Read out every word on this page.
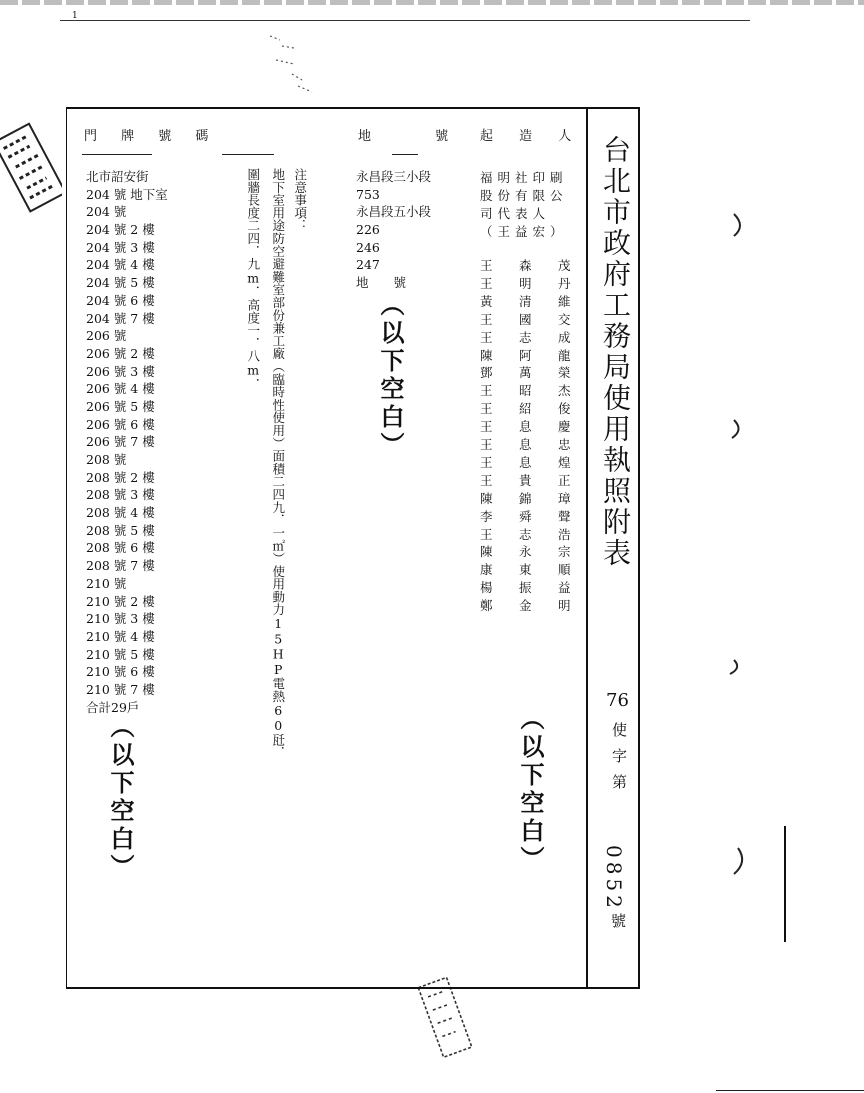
1
門 牌 號 碼	地 號 起 造 人
北市詔安街
204 號 地下室
204 號
204 號 2 樓
204 號 3 樓
204 號 4 樓
204 號 5 樓
204 號 6 樓
204 號 7 樓
206 號
206 號 2 樓
206 號 3 樓
206 號 4 樓
206 號 5 樓
206 號 6 樓
206 號 7 樓
208 號
208 號 2 樓
208 號 3 樓
208 號 4 樓
208 號 5 樓
208 號 6 樓
208 號 7 樓
210 號
210 號 2 樓
210 號 3 樓
210 號 4 樓
210 號 5 樓
210 號 6 樓
210 號 7 樓
合計29戶
注意事項：
地下室用途防空避難室部份兼工廠（臨時性使用）面積二四九．一㎡）使用動力15HP電熱60瓩．
圍牆長度二四．九m．高度一．八m．	永昌段三小段
753
永昌段五小段
226
246
247
地　　號
福明社印刷
股份有限公
司代表人
（王益宏）
王　森　茂
王　明　丹
黃　清　維
王　國　交
王　志　成
陳　阿　龍
鄧　萬　榮
王　昭　杰
王　紹　俊
王　息　慶
王　息　忠
王　息　煌
王　貴　正
陳　錦　璋
李　舜　聲
王　志　浩
陳　永　宗
康　東　順
楊　振　益
鄭　金　明
（以下空白）
（以下空白）
（以下空白）
台北市政府工務局使用執照附表
76
使字第
0852
號
